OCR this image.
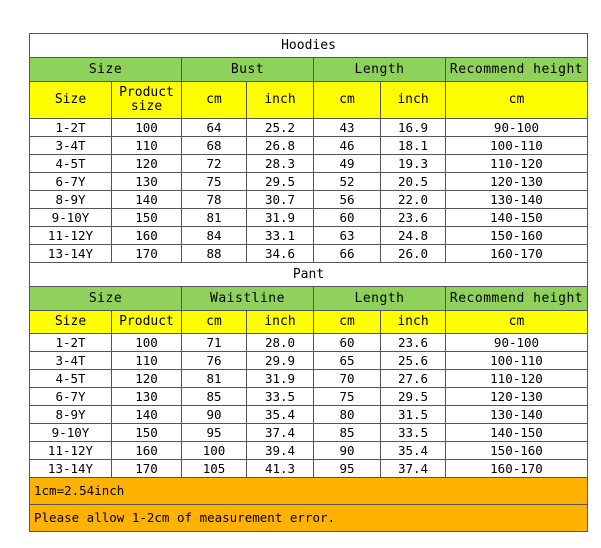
Hoodies						
Size		Bust		Length		Recommend height
Size	Product size	cm	inch	cm	inch	cm
1-2T	100	64	25.2	43	16.9	90-100
3-4T	110	68	26.8	46	18.1	100-110
4-5T	120	72	28.3	49	19.3	110-120
6-7Y	130	75	29.5	52	20.5	120-130
8-9Y	140	78	30.7	56	22.0	130-140
9-10Y	150	81	31.9	60	23.6	140-150
11-12Y	160	84	33.1	63	24.8	150-160
13-14Y	170	88	34.6	66	26.0	160-170
Pant						
Size		Waistline		Length		Recommend height
Size	Product	cm	inch	cm	inch	cm
1-2T	100	71	28.0	60	23.6	90-100
3-4T	110	76	29.9	65	25.6	100-110
4-5T	120	81	31.9	70	27.6	110-120
6-7Y	130	85	33.5	75	29.5	120-130
8-9Y	140	90	35.4	80	31.5	130-140
9-10Y	150	95	37.4	85	33.5	140-150
11-12Y	160	100	39.4	90	35.4	150-160
13-14Y	170	105	41.3	95	37.4	160-170
1cm=2.54inch						
Please allow 1-2cm of measurement error.						
